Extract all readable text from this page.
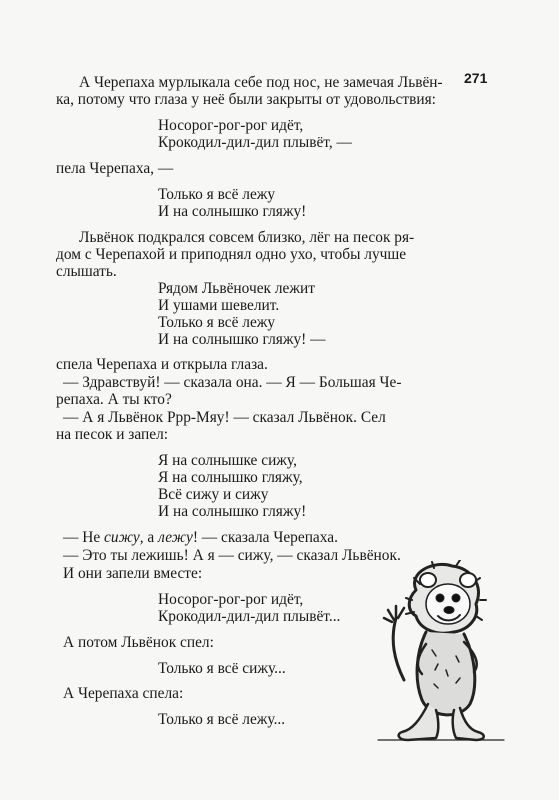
271
А Черепаха мурлыкала себе под нос, не замечая Львён-
ка, потому что глаза у неё были закрыты от удовольствия:
Носорог-рог-рог идёт,
Крокодил-дил-дил плывёт, —
пела Черепаха, —
Только я всё лежу
И на солнышко гляжу!
Львёнок подкрался совсем близко, лёг на песок ря-
дом с Черепахой и приподнял одно ухо, чтобы лучше
слышать.
Рядом Львёночек лежит
И ушами шевелит.
Только я всё лежу
И на солнышко гляжу! —
спела Черепаха и открыла глаза.
— Здравствуй! — сказала она. — Я — Большая Че-
репаха. А ты кто?
— А я Львёнок Ррр-Мяу! — сказал Львёнок. Сел
на песок и запел:
Я на солнышке сижу,
Я на солнышко гляжу,
Всё сижу и сижу
И на солнышко гляжу!
— Не сижу, а лежу! — сказала Черепаха.
— Это ты лежишь! А я — сижу, — сказал Львёнок.
И они запели вместе:
Носорог-рог-рог идёт,
Крокодил-дил-дил плывёт...
А потом Львёнок спел:
Только я всё сижу...
А Черепаха спела:
Только я всё лежу...
